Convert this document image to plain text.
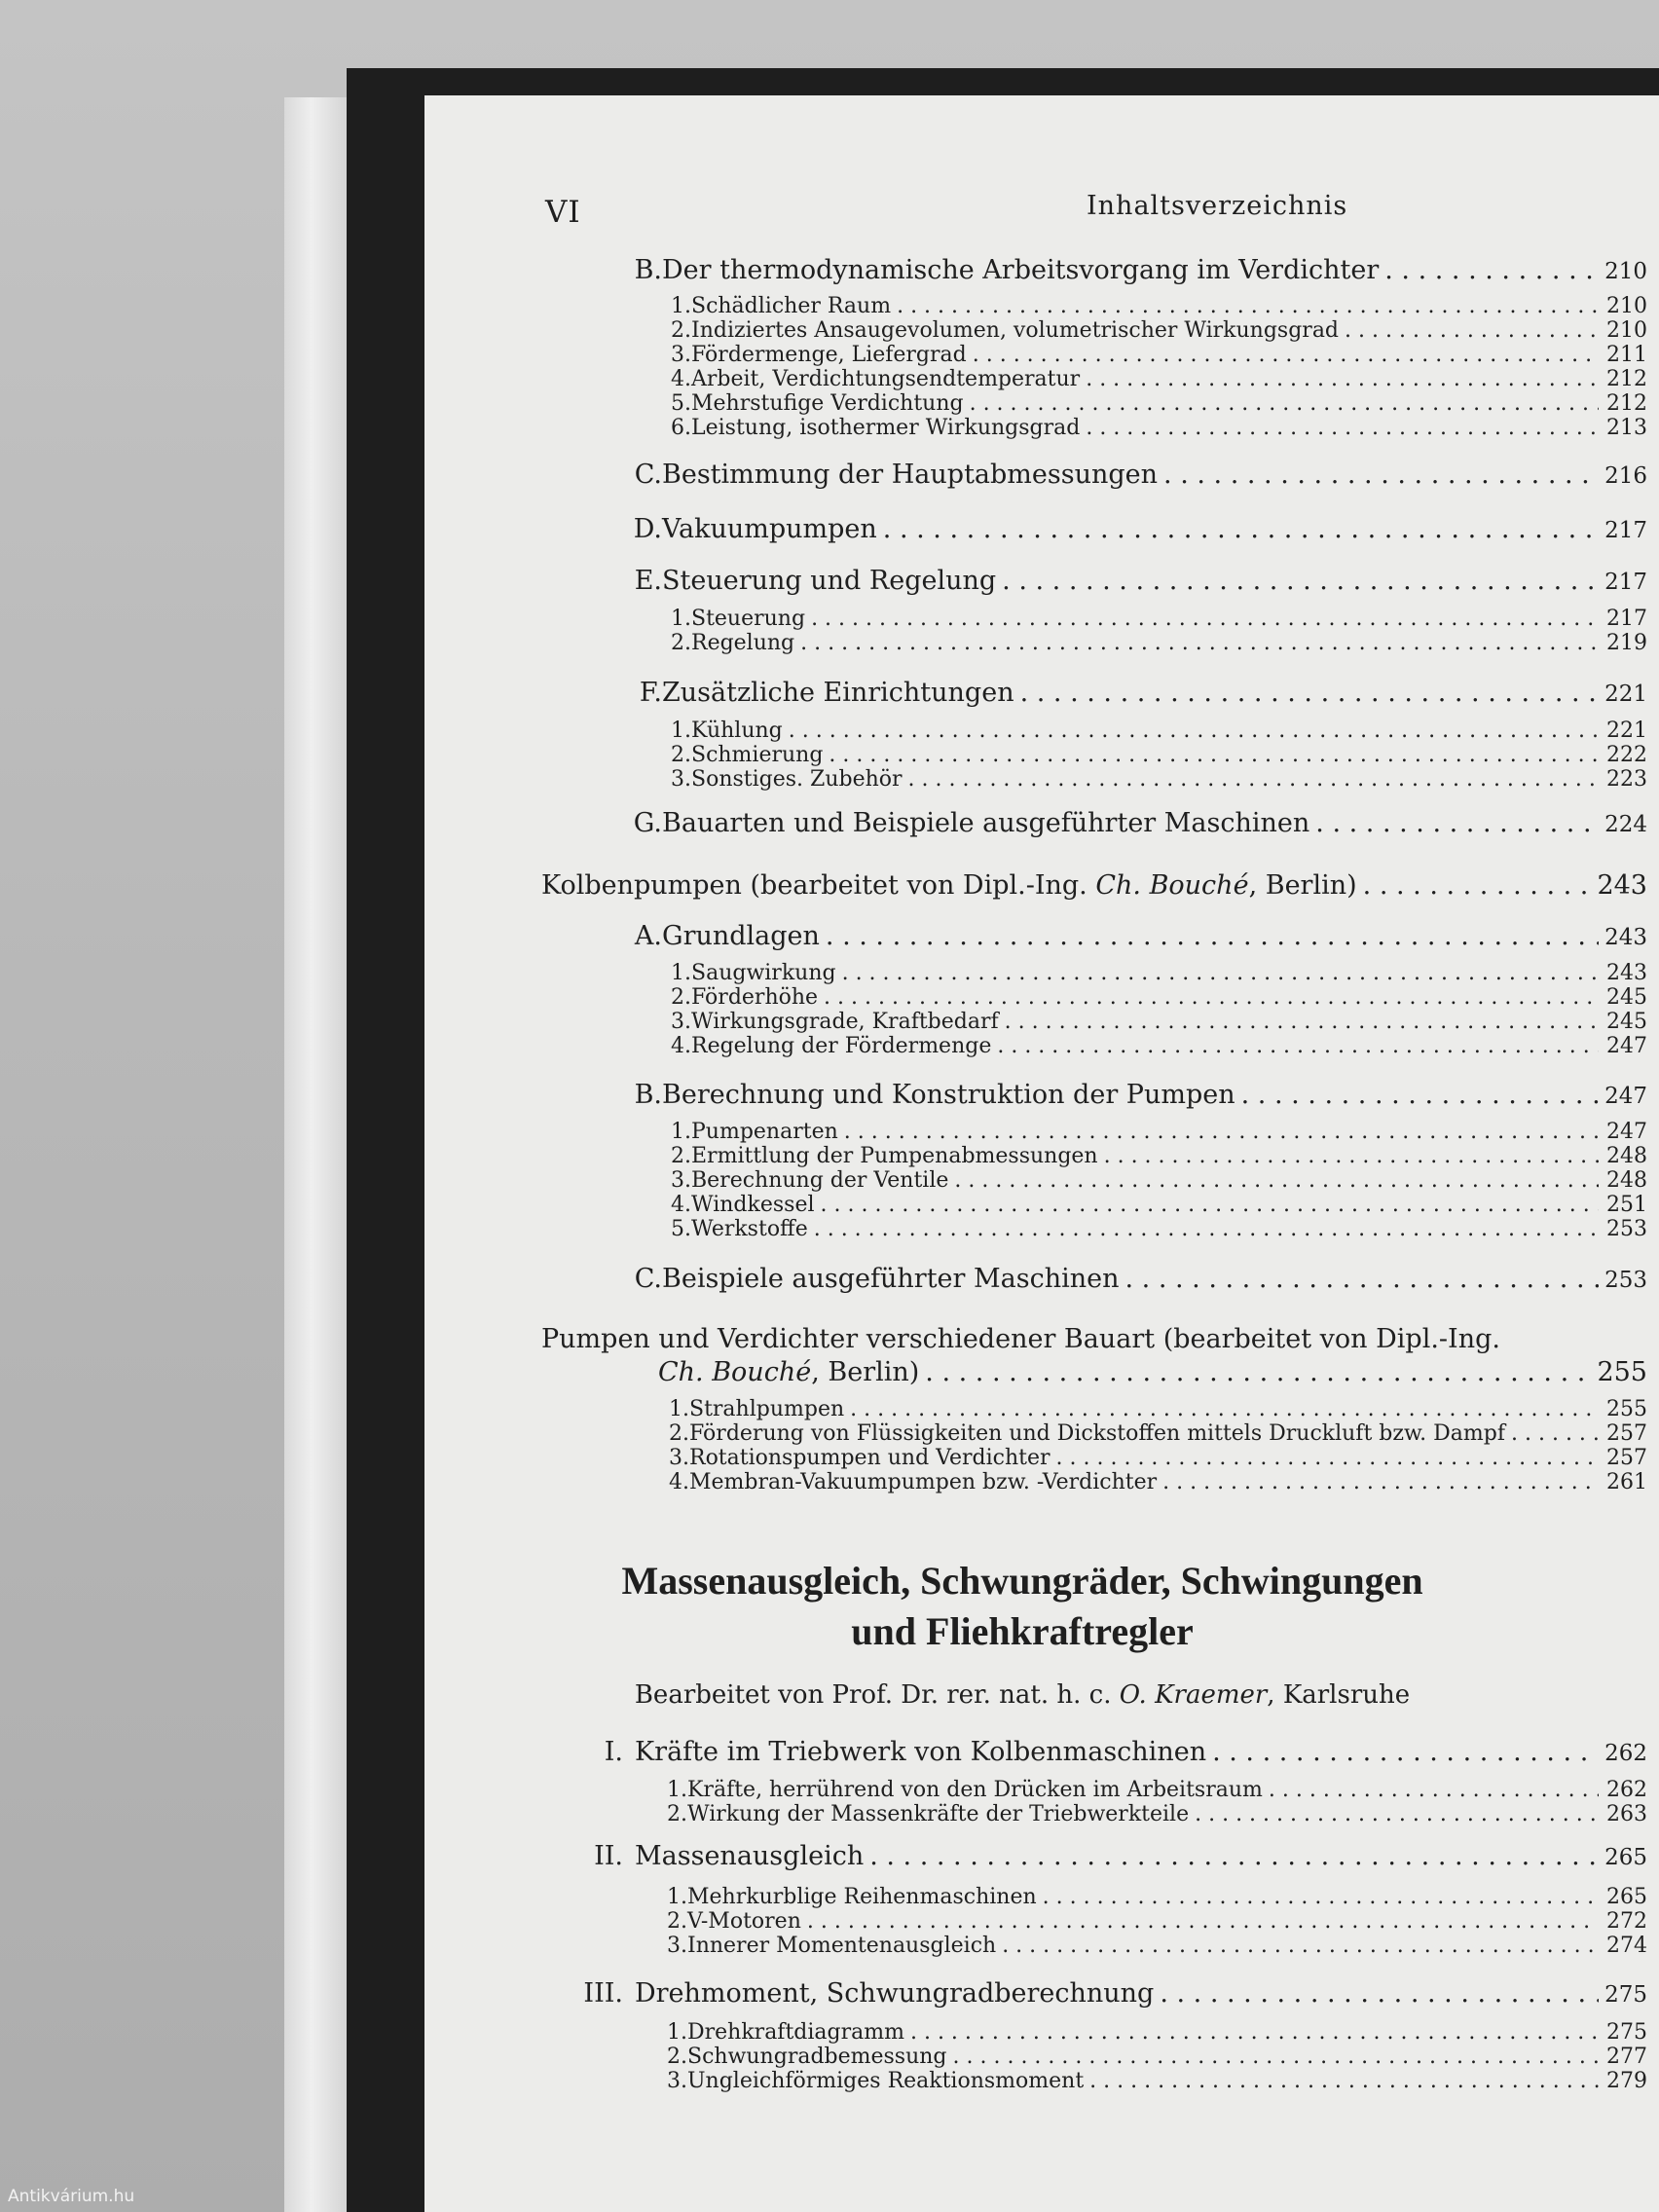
VI	Inhaltsverzeichnis
B. Der thermodynamische Arbeitsvorgang im Verdichter . . .	210
1. Schädlicher Raum . . .	210
2. Indiziertes Ansaugevolumen, volumetrischer Wirkungsgrad . . .	210
3. Fördermenge, Liefergrad . . .	211
4. Arbeit, Verdichtungsendtemperatur . . .	212
5. Mehrstufige Verdichtung . . .	212
6. Leistung, isothermer Wirkungsgrad . . .	213
C. Bestimmung der Hauptabmessungen . . .	216
D. Vakuumpumpen . . .	217
E. Steuerung und Regelung . . .	217
1. Steuerung . . .	217
2. Regelung . . .	219
F. Zusätzliche Einrichtungen . . .	221
1. Kühlung . . .	221
2. Schmierung . . .	222
3. Sonstiges. Zubehör . . .	223
G. Bauarten und Beispiele ausgeführter Maschinen . . .	224
Kolbenpumpen (bearbeitet von Dipl.-Ing. Ch. Bouché, Berlin) . . .	243
A. Grundlagen . . .	243
1. Saugwirkung . . .	243
2. Förderhöhe . . .	245
3. Wirkungsgrade, Kraftbedarf . . .	245
4. Regelung der Fördermenge . . .	247
B. Berechnung und Konstruktion der Pumpen . . .	247
1. Pumpenarten . . .	247
2. Ermittlung der Pumpenabmessungen . . .	248
3. Berechnung der Ventile . . .	248
4. Windkessel . . .	251
5. Werkstoffe . . .	253
C. Beispiele ausgeführter Maschinen . . .	253
Pumpen und Verdichter verschiedener Bauart (bearbeitet von Dipl.-Ing.
Ch. Bouché, Berlin) . . .	255
1. Strahlpumpen . . .	255
2. Förderung von Flüssigkeiten und Dickstoffen mittels Druckluft bzw. Dampf . . .	257
3. Rotationspumpen und Verdichter . . .	257
4. Membran-Vakuumpumpen bzw. -Verdichter . . .	261
Massenausgleich, Schwungräder, Schwingungen
und Fliehkraftregler
Bearbeitet von Prof. Dr. rer. nat. h. c. O. Kraemer, Karlsruhe
I. Kräfte im Triebwerk von Kolbenmaschinen . . .	262
1. Kräfte, herrührend von den Drücken im Arbeitsraum . . .	262
2. Wirkung der Massenkräfte der Triebwerkteile . . .	263
II. Massenausgleich . . .	265
1. Mehrkurblige Reihenmaschinen . . .	265
2. V-Motoren . . .	272
3. Innerer Momentenausgleich . . .	274
III. Drehmoment, Schwungradberechnung . . .	275
1. Drehkraftdiagramm . . .	275
2. Schwungradbemessung . . .	277
3. Ungleichförmiges Reaktionsmoment . . .	279
Antikvárium.hu
